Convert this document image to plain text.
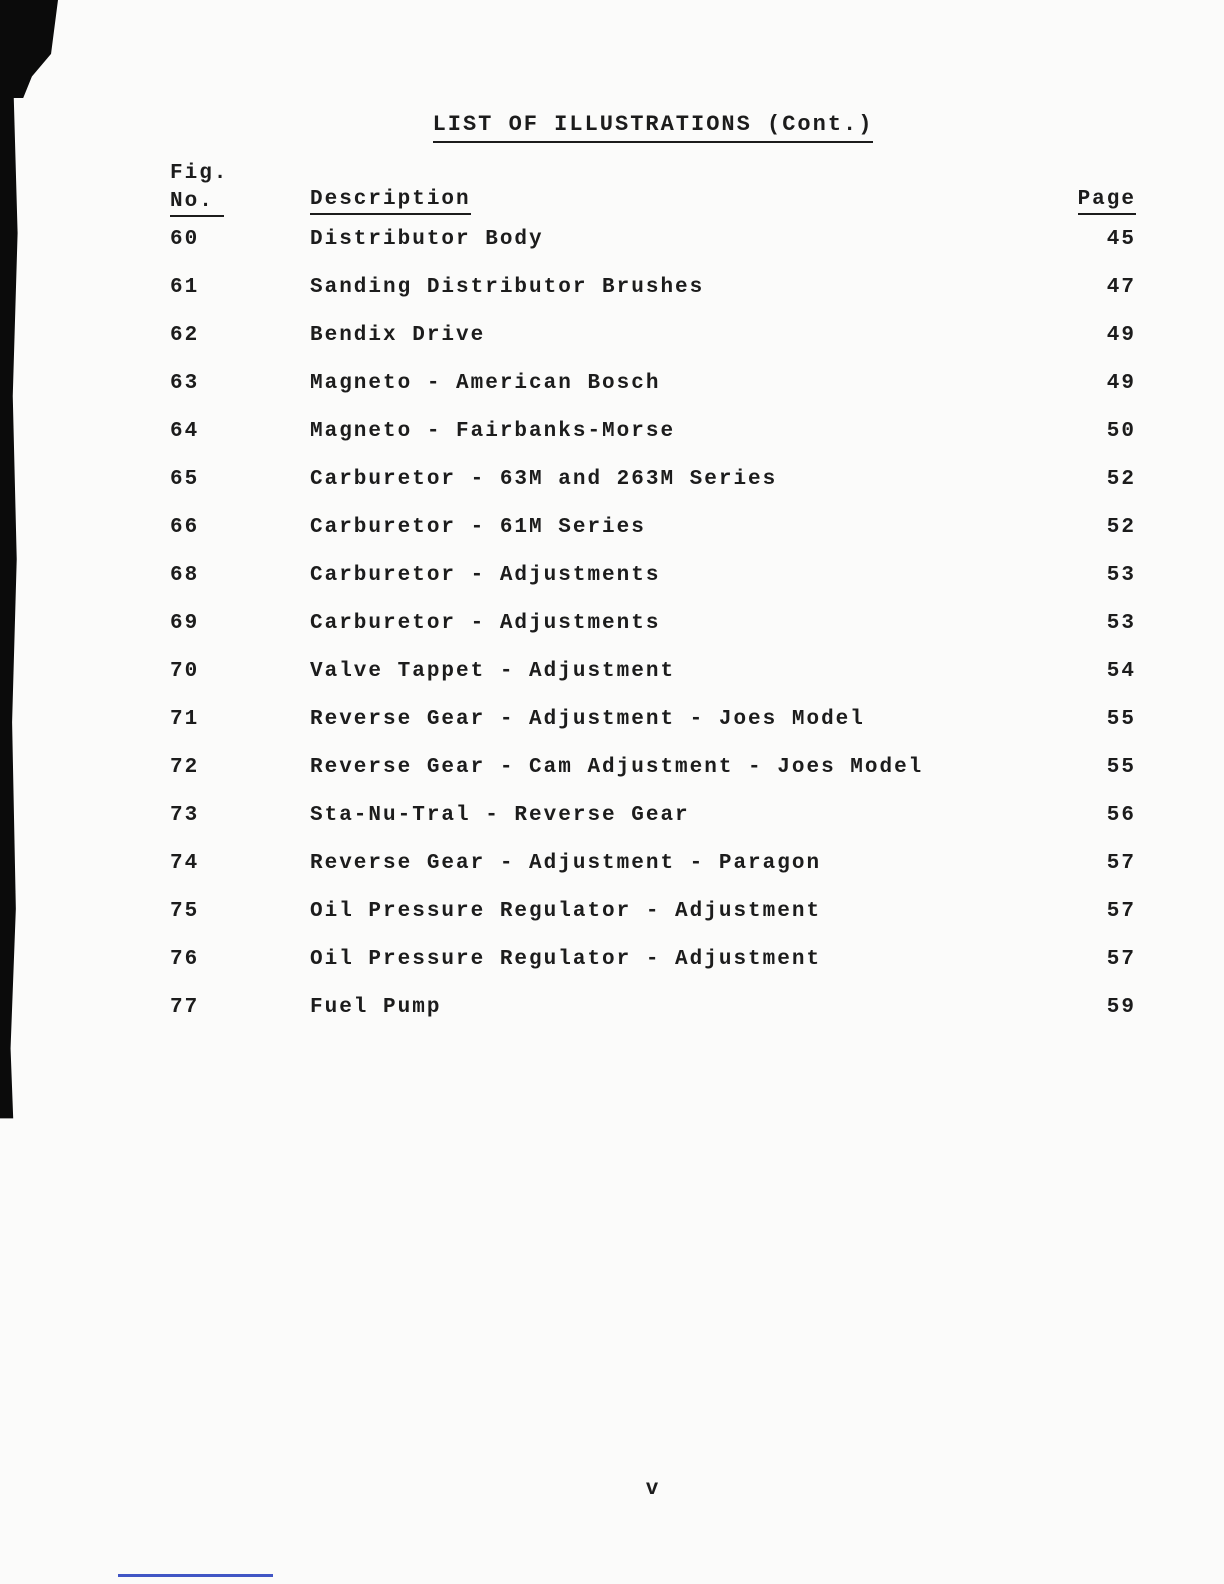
LIST OF ILLUSTRATIONS (Cont.)
Fig.
No.	Description	Page
60	Distributor Body	45
61	Sanding Distributor Brushes	47
62	Bendix Drive	49
63	Magneto - American Bosch	49
64	Magneto - Fairbanks-Morse	50
65	Carburetor - 63M and 263M Series	52
66	Carburetor - 61M Series	52
68	Carburetor - Adjustments	53
69	Carburetor - Adjustments	53
70	Valve Tappet - Adjustment	54
71	Reverse Gear - Adjustment - Joes Model	55
72	Reverse Gear - Cam Adjustment - Joes Model	55
73	Sta-Nu-Tral - Reverse Gear	56
74	Reverse Gear - Adjustment - Paragon	57
75	Oil Pressure Regulator - Adjustment	57
76	Oil Pressure Regulator - Adjustment	57
77	Fuel Pump	59
v
